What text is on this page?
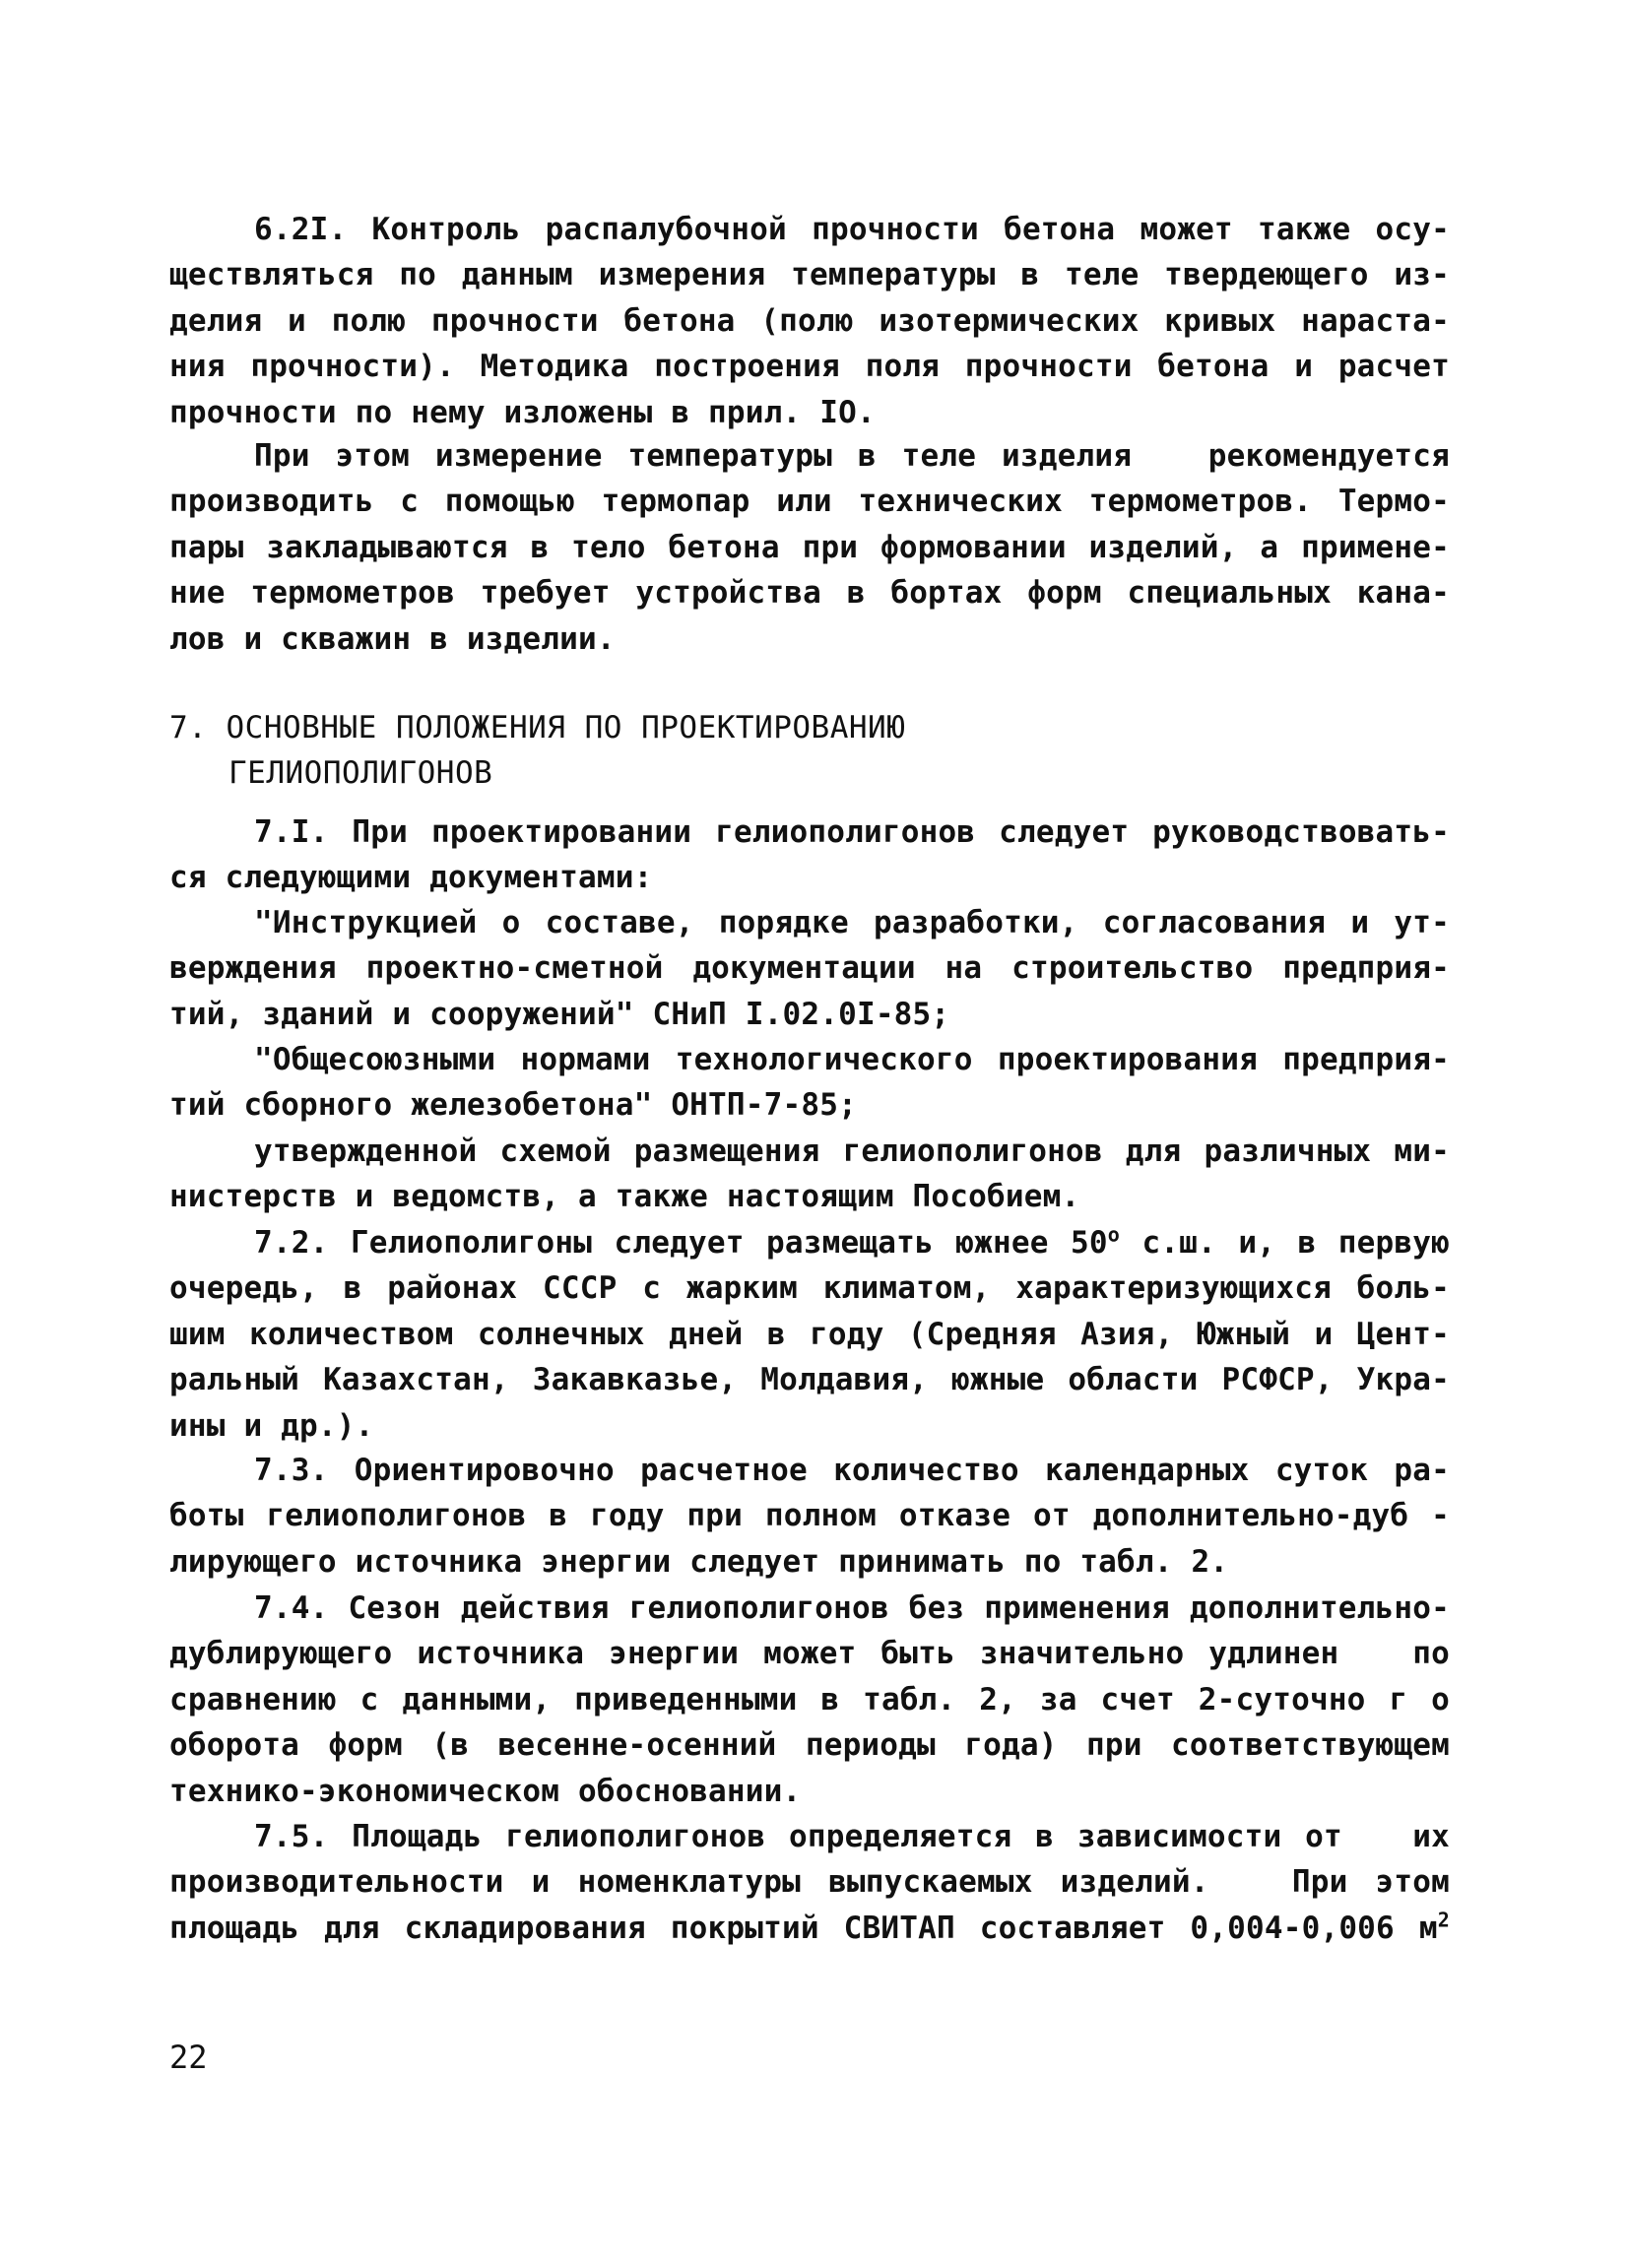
6.2I. Контроль распалубочной прочности бетона может также осу-
ществляться по данным измерения температуры в теле твердеющего из-
делия и полю прочности бетона (полю изотермических кривых нараста-
ния прочности). Методика построения поля прочности бетона и расчет
прочности по нему изложены в прил. IO.
При этом измерение температуры в теле изделия   рекомендуется
производить с помощью термопар или технических термометров. Термо-
пары закладываются в тело бетона при формовании изделий, а примене-
ние термометров требует устройства в бортах форм специальных кана-
лов и скважин в изделии.
7. ОСНОВНЫЕ ПОЛОЖЕНИЯ ПО ПРОЕКТИРОВАНИЮ
ГЕЛИОПОЛИГОНОВ
7.I. При проектировании гелиополигонов следует руководствовать-
ся следующими документами:
"Инструкцией о составе, порядке разработки, согласования и ут-
верждения проектно-сметной документации на строительство предприя-
тий, зданий и сооружений" СНиП I.02.0I-85;
"Общесоюзными нормами технологического проектирования предприя-
тий сборного железобетона" ОНТП-7-85;
утвержденной схемой размещения гелиополигонов для различных ми-
нистерств и ведомств, а также настоящим Пособием.
7.2. Гелиополигоны следует размещать южнее $50^о$ с.ш. и, в первую
очередь, в районах СССР с жарким климатом, характеризующихся боль-
шим количеством солнечных дней в году (Средняя Азия, Южный и Цент-
ральный Казахстан, Закавказье, Молдавия, южные области РСФСР, Укра-
ины и др.).
7.3. Ориентировочно расчетное количество календарных суток ра-
боты гелиополигонов в году при полном отказе от дополнительно-дуб -
лирующего источника энергии следует принимать по табл. 2.
7.4. Сезон действия гелиополигонов без применения дополнительно-
дублирующего источника энергии может быть значительно удлинен   по
сравнению с данными, приведенными в табл. 2, за счет 2-суточно г о
оборота форм (в весенне-осенний периоды года) при соответствующем
технико-экономическом обосновании.
7.5. Площадь гелиополигонов определяется в зависимости от   их
производительности и номенклатуры выпускаемых изделий.   При этом
площадь для складирования покрытий СВИТАП составляет 0,004-0,006 $м^2$
22
